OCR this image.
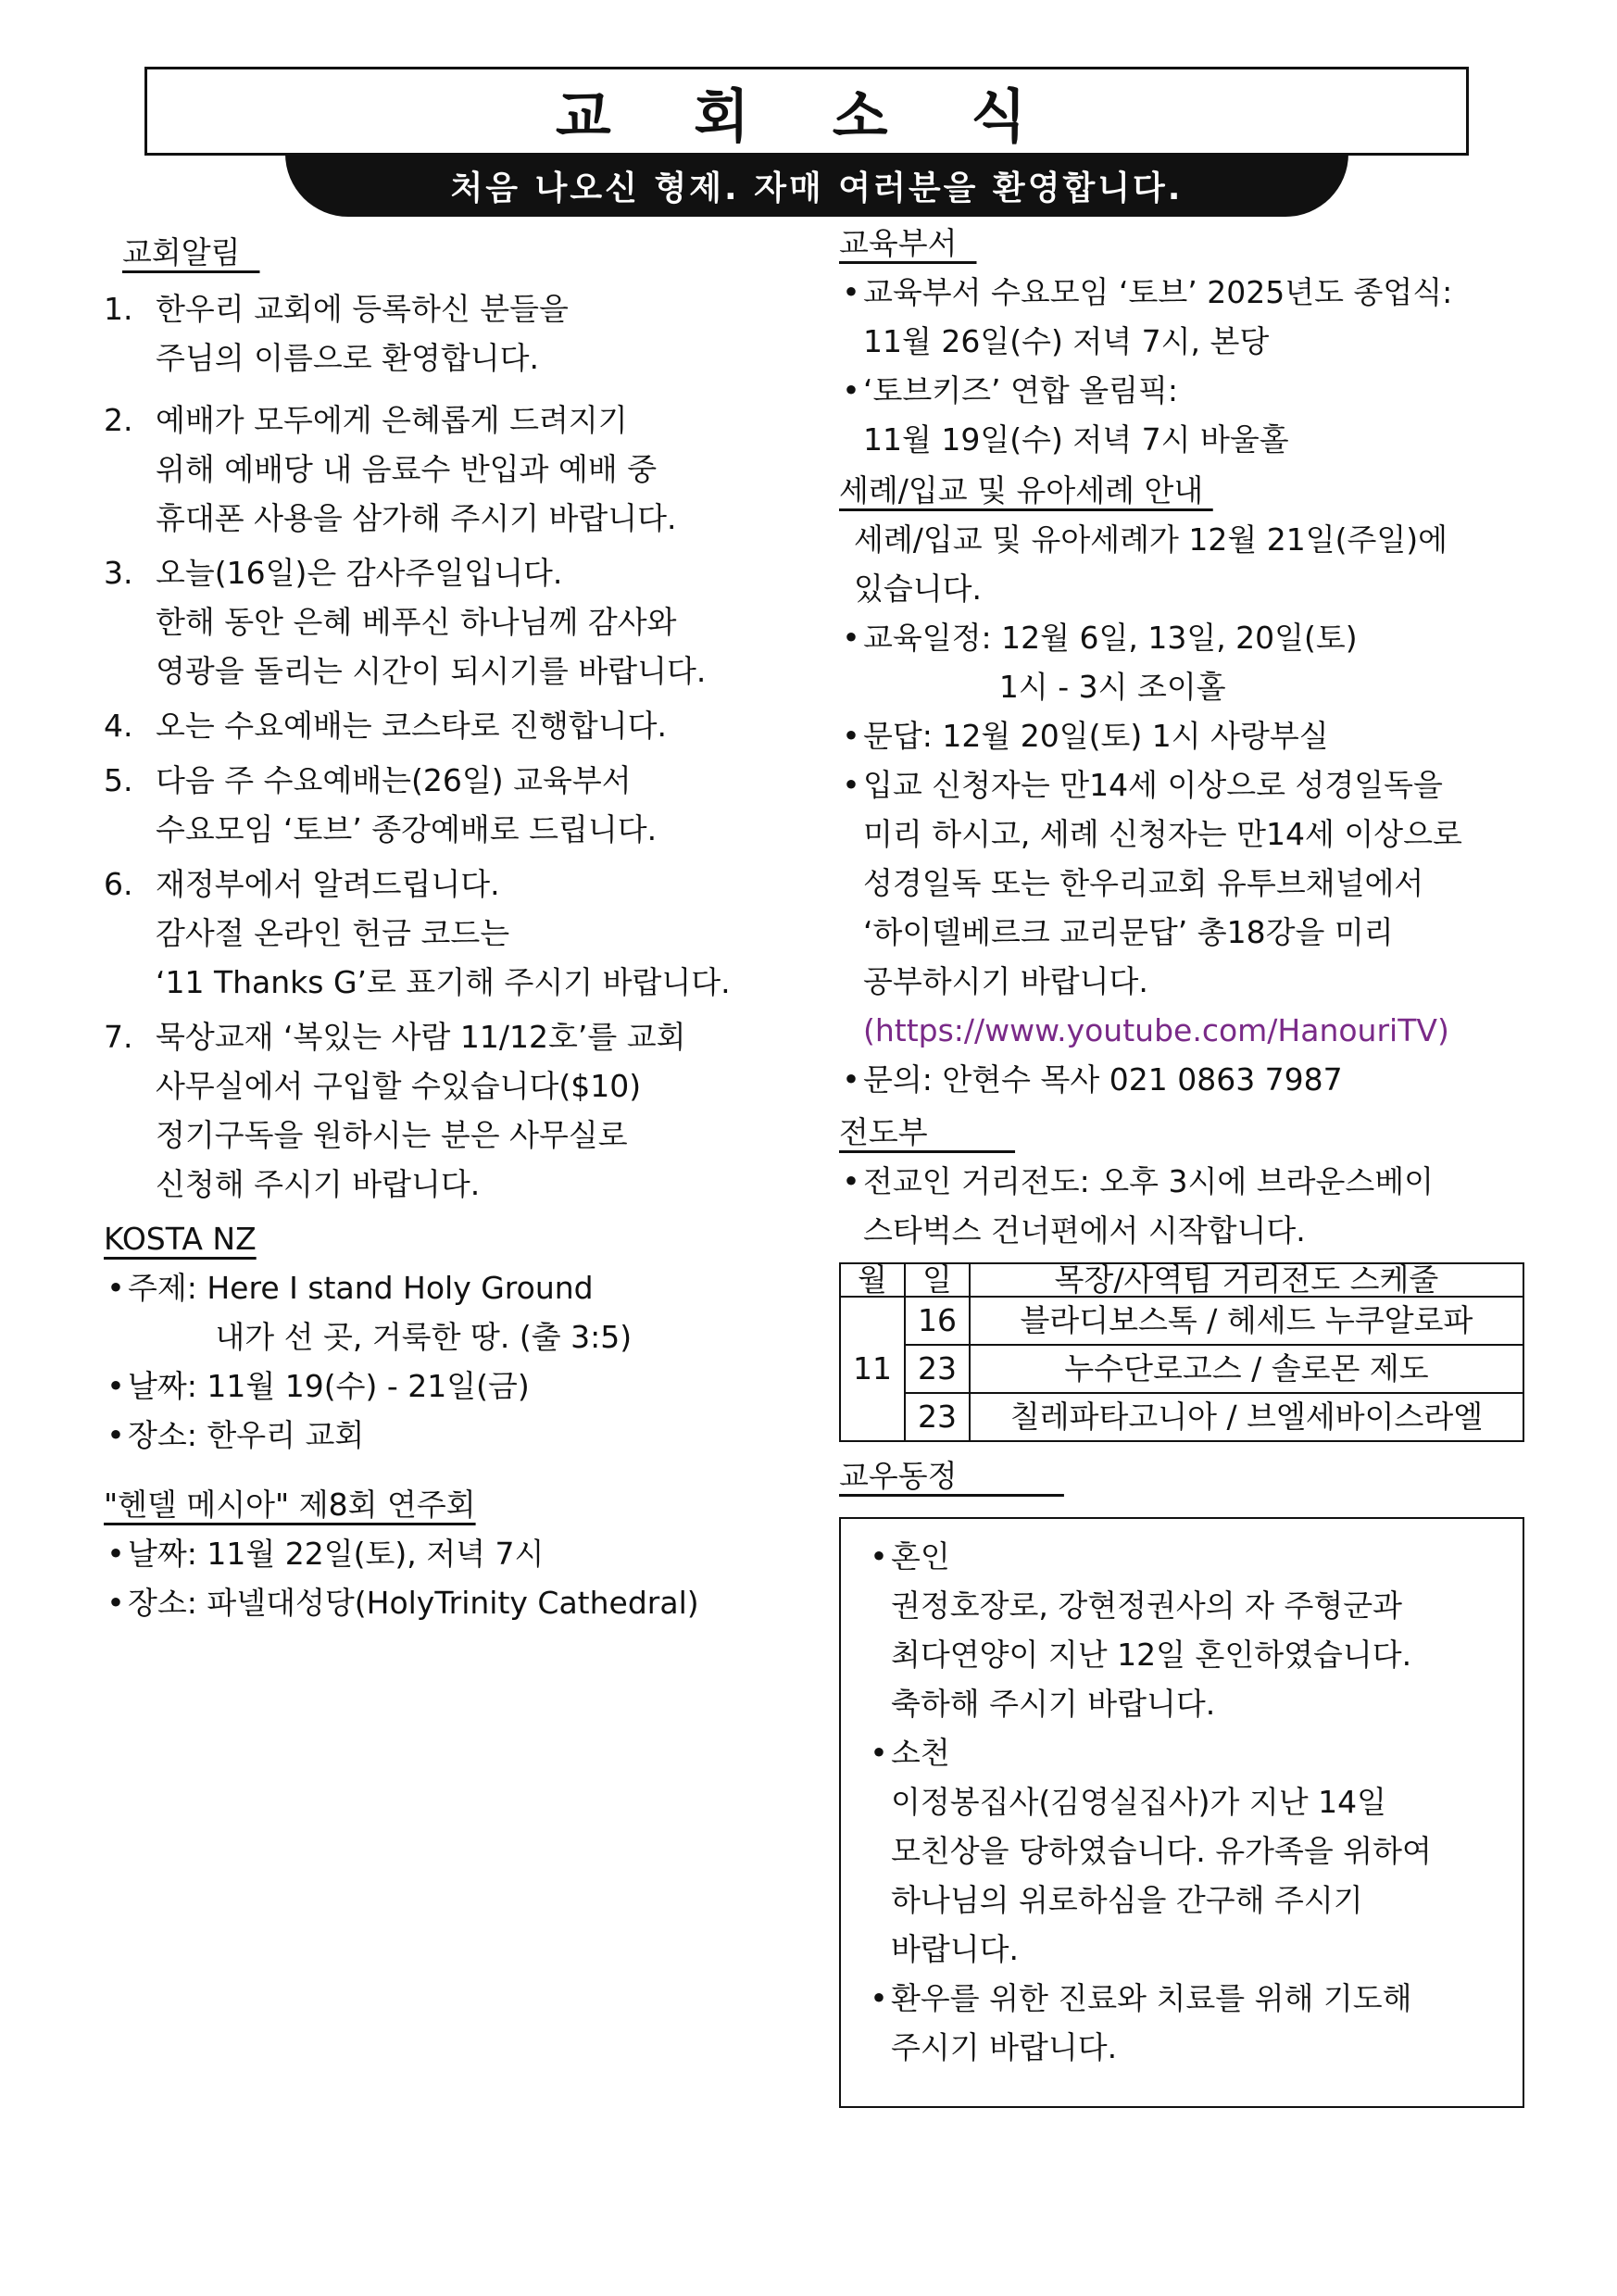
교 회 소 식
처음 나오신 형제. 자매 여러분을 환영합니다.
교회알림
1. 한우리 교회에 등록하신 분들을
주님의 이름으로 환영합니다.
2. 예배가 모두에게 은혜롭게 드려지기
위해 예배당 내 음료수 반입과 예배 중
휴대폰 사용을 삼가해 주시기 바랍니다.
3. 오늘(16일)은 감사주일입니다.
한해 동안 은혜 베푸신 하나님께 감사와
영광을 돌리는 시간이 되시기를 바랍니다.
4. 오는 수요예배는 코스타로 진행합니다.
5. 다음 주 수요예배는(26일) 교육부서
수요모임 ‘토브’ 종강예배로 드립니다.
6. 재정부에서 알려드립니다.
감사절 온라인 헌금 코드는
‘11 Thanks G’로 표기해 주시기 바랍니다.
7. 묵상교재 ‘복있는 사람 11/12호’를 교회
사무실에서 구입할 수있습니다($10)
정기구독을 원하시는 분은 사무실로
신청해 주시기 바랍니다.
KOSTA NZ
• 주제: Here I stand Holy Ground
내가 선 곳, 거룩한 땅. (출 3:5)
• 날짜: 11월 19(수) - 21일(금)
• 장소: 한우리 교회
"헨델 메시아" 제8회 연주회
• 날짜: 11월 22일(토), 저녁 7시
• 장소: 파넬대성당(HolyTrinity Cathedral)
교육부서
• 교육부서 수요모임 ‘토브’ 2025년도 종업식:
11월 26일(수) 저녁 7시, 본당
• ‘토브키즈’ 연합 올림픽:
11월 19일(수) 저녁 7시 바울홀
세례/입교 및 유아세례 안내
세례/입교 및 유아세례가 12월 21일(주일)에
있습니다.
• 교육일정: 12월 6일, 13일, 20일(토)
1시 - 3시 조이홀
• 문답: 12월 20일(토) 1시 사랑부실
• 입교 신청자는 만14세 이상으로 성경일독을
미리 하시고, 세례 신청자는 만14세 이상으로
성경일독 또는 한우리교회 유투브채널에서
‘하이델베르크 교리문답’ 총18강을 미리
공부하시기 바랍니다.
(https://www.youtube.com/HanouriTV)
• 문의: 안현수 목사 021 0863 7987
전도부
• 전교인 거리전도: 오후 3시에 브라운스베이
스타벅스 건너편에서 시작합니다.
월	일	목장/사역팀 거리전도 스케줄
11	16	블라디보스톡 / 헤세드 누쿠알로파
	23	누수단로고스 / 솔로몬 제도
	23	칠레파타고니아 / 브엘세바이스라엘
교우동정
• 혼인
권정호장로, 강현정권사의 자 주형군과
최다연양이 지난 12일 혼인하였습니다.
축하해 주시기 바랍니다.
• 소천
이정봉집사(김영실집사)가 지난 14일
모친상을 당하였습니다. 유가족을 위하여
하나님의 위로하심을 간구해 주시기
바랍니다.
• 환우를 위한 진료와 치료를 위해 기도해
주시기 바랍니다.
